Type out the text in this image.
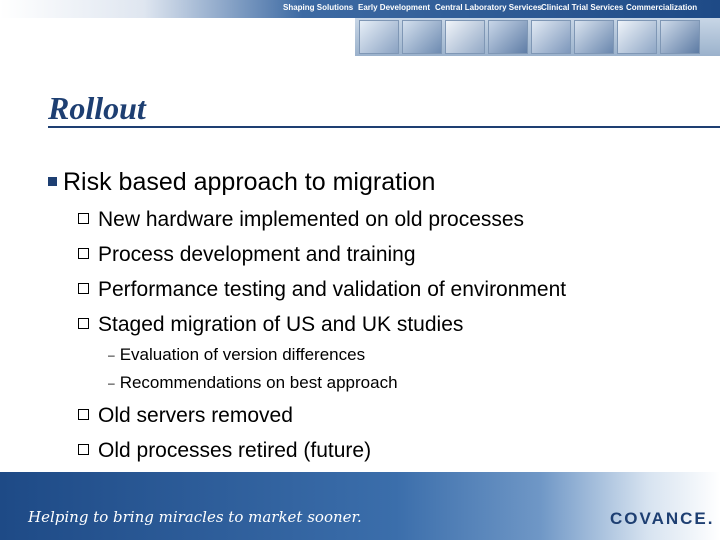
Shaping Solutions Early Development Central Laboratory Services Clinical Trial Services Commercialization
Rollout
Risk based approach to migration
New hardware implemented on old processes
Process development and training
Performance testing and validation of environment
Staged migration of US and UK studies
– Evaluation of version differences
– Recommendations on best approach
Old servers removed
Old processes retired (future)
Helping to bring miracles to market sooner.	COVANCE.
